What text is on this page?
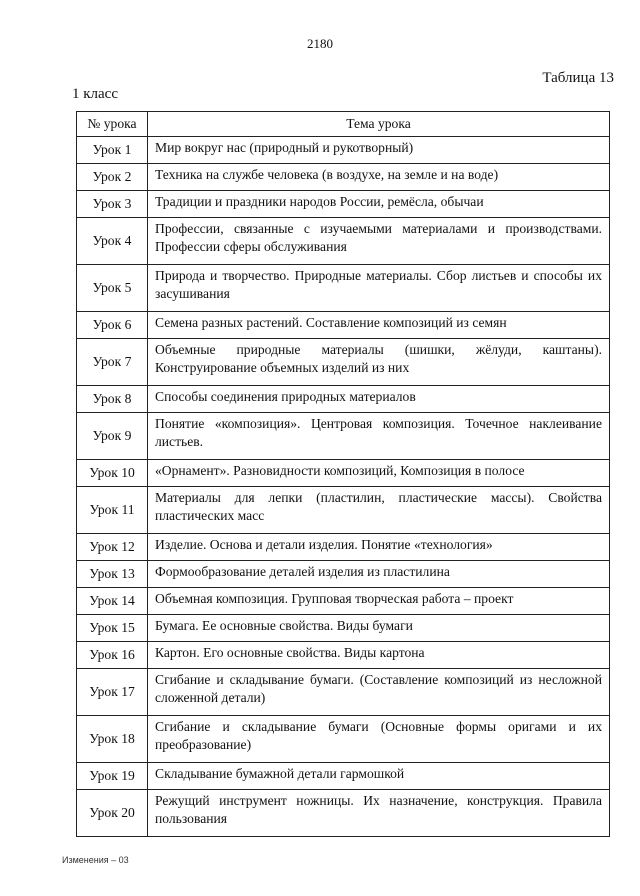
2180
Таблица 13
1 класс
№ урока	Тема урока
Урок 1	Мир вокруг нас (природный и рукотворный)
Урок 2	Техника на службе человека (в воздухе, на земле и на воде)
Урок 3	Традиции и праздники народов России, ремёсла, обычаи
Урок 4	Профессии, связанные с изучаемыми материалами и производствами. Профессии сферы обслуживания
Урок 5	Природа и творчество. Природные материалы. Сбор листьев и способы их засушивания
Урок 6	Семена разных растений. Составление композиций из семян
Урок 7	Объемные природные материалы (шишки, жёлуди, каштаны). Конструирование объемных изделий из них
Урок 8	Способы соединения природных материалов
Урок 9	Понятие «композиция». Центровая композиция. Точечное наклеивание листьев.
Урок 10	«Орнамент». Разновидности композиций, Композиция в полосе
Урок 11	Материалы для лепки (пластилин, пластические массы). Свойства пластических масс
Урок 12	Изделие. Основа и детали изделия. Понятие «технология»
Урок 13	Формообразование деталей изделия из пластилина
Урок 14	Объемная композиция. Групповая творческая работа – проект
Урок 15	Бумага. Ее основные свойства. Виды бумаги
Урок 16	Картон. Его основные свойства. Виды картона
Урок 17	Сгибание и складывание бумаги. (Составление композиций из несложной сложенной детали)
Урок 18	Сгибание и складывание бумаги (Основные формы оригами и их преобразование)
Урок 19	Складывание бумажной детали гармошкой
Урок 20	Режущий инструмент ножницы. Их назначение, конструкция. Правила пользования
Изменения – 03
